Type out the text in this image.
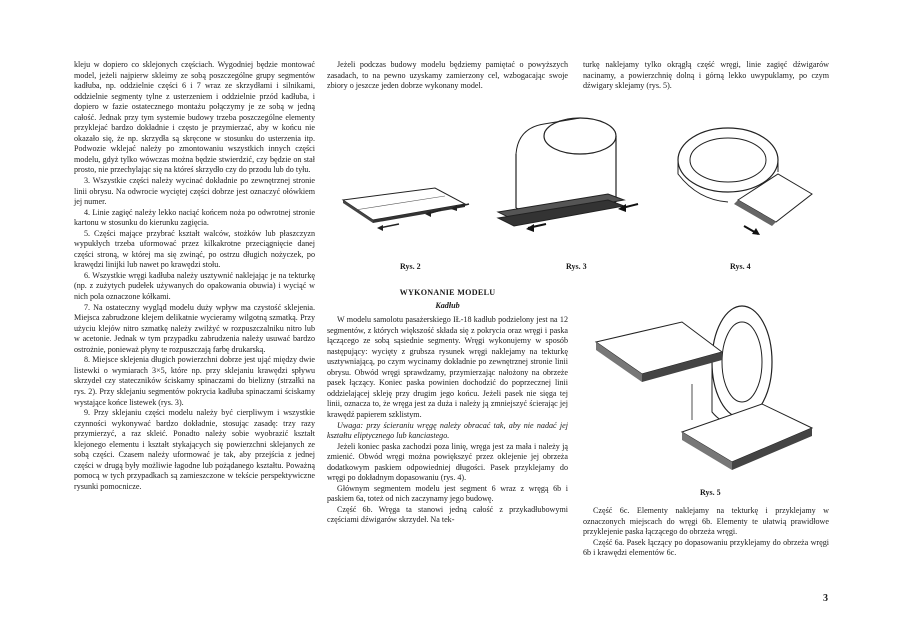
kleju w dopiero co sklejonych częściach. Wygodniej będzie montować model, jeżeli najpierw skleimy ze sobą poszczególne grupy segmentów kadłuba, np. oddzielnie części 6 i 7 wraz ze skrzydłami i silnikami, oddzielnie segmenty tylne z usterzeniem i oddzielnie przód kadłuba, i dopiero w fazie ostatecznego montażu połączymy je ze sobą w jedną całość. Jednak przy tym systemie budowy trzeba poszczególne elementy przyklejać bardzo dokładnie i często je przymierzać, aby w końcu nie okazało się, że np. skrzydła są skręcone w stosunku do usterzenia itp. Podwozie wklejać należy po zmontowaniu wszystkich innych części modelu, gdyż tylko wówczas można będzie stwierdzić, czy będzie on stał prosto, nie przechylając się na któreś skrzydło czy do przodu lub do tyłu.

3. Wszystkie części należy wycinać dokładnie po zewnętrznej stronie linii obrysu. Na odwrocie wyciętej części dobrze jest oznaczyć ołówkiem jej numer.

4. Linie zagięć należy lekko naciąć końcem noża po odwrotnej stronie kartonu w stosunku do kierunku zagięcia.

5. Części mające przybrać kształt walców, stożków lub płaszczyzn wypukłych trzeba uformować przez kilkakrotne przeciągnięcie danej części stroną, w której ma się zwinąć, po ostrzu długich nożyczek, po krawędzi linijki lub nawet po krawędzi stołu.

6. Wszystkie wręgi kadłuba należy usztywnić naklejając je na tekturkę (np. z zużytych pudełek używanych do opakowania obuwia) i wyciąć w nich pola oznaczone kółkami.

7. Na ostateczny wygląd modelu duży wpływ ma czystość sklejenia. Miejsca zabrudzone klejem delikatnie wycieramy wilgotną szmatką. Przy użyciu klejów nitro szmatkę należy zwilżyć w rozpuszczalniku nitro lub w acetonie. Jednak w tym przypadku zabrudzenia należy usuwać bardzo ostrożnie, ponieważ płyny te rozpuszczają farbę drukarską.

8. Miejsce sklejenia długich powierzchni dobrze jest ująć między dwie listewki o wymiarach 3×5, które np. przy sklejaniu krawędzi spływu skrzydeł czy stateczników ściskamy spinaczami do bielizny (strzałki na rys. 2). Przy sklejaniu segmentów pokrycia kadłuba spinaczami ściskamy wystające końce listewek (rys. 3).

9. Przy sklejaniu części modelu należy być cierpliwym i wszystkie czynności wykonywać bardzo dokładnie, stosując zasadę: trzy razy przymierzyć, a raz skleić. Ponadto należy sobie wyobrazić kształt klejonego elementu i kształt stykających się powierzchni sklejanych ze sobą części. Czasem należy uformować je tak, aby przejścia z jednej części w drugą były możliwie łagodne lub pożądanego kształtu. Poważną pomocą w tych przypadkach są zamieszczone w tekście perspektywiczne rysunki pomocnicze.

Jeżeli podczas budowy modelu będziemy pamiętać o powyższych zasadach, to na pewno uzyskamy zamierzony cel, wzbogacając swoje zbiory o jeszcze jeden dobrze wykonany model.

turkę naklejamy tylko okrągłą część wręgi, linie zagięć dźwigarów nacinamy, a powierzchnię dolną i górną lekko uwypuklamy, po czym dźwigary sklejamy (rys. 5).

Rys. 2	Rys. 3	Rys. 4

WYKONANIE MODELU

Kadłub

W modelu samolotu pasażerskiego IŁ-18 kadłub podzielony jest na 12 segmentów, z których większość składa się z pokrycia oraz wręgi i paska łączącego ze sobą sąsiednie segmenty. Wręgi wykonujemy w sposób następujący: wycięty z grubsza rysunek wręgi naklejamy na tekturkę usztywniającą, po czym wycinamy dokładnie po zewnętrznej stronie linii obrysu. Obwód wręgi sprawdzamy, przymierzając nałożony na obrzeże pasek łączący. Koniec paska powinien dochodzić do poprzecznej linii oddzielającej skleję przy drugim jego końcu. Jeżeli pasek nie sięga tej linii, oznacza to, że wręga jest za duża i należy ją zmniejszyć ścierając jej krawędź papierem szklistym.

Uwaga: przy ścieraniu wręgę należy obracać tak, aby nie nadać jej kształtu eliptycznego lub kanciastego.

Jeżeli koniec paska zachodzi poza linię, wręga jest za mała i należy ją zmienić. Obwód wręgi można powiększyć przez oklejenie jej obrzeża dodatkowym paskiem odpowiedniej długości. Pasek przyklejamy do wręgi po dokładnym dopasowaniu (rys. 4).

Głównym segmentem modelu jest segment 6 wraz z wręgą 6b i paskiem 6a, toteż od nich zaczynamy jego budowę.

Część 6b. Wręga ta stanowi jedną całość z przykadłubowymi częściami dźwigarów skrzydeł. Na tek-

Rys. 5

Część 6c. Elementy naklejamy na tekturkę i przyklejamy w oznaczonych miejscach do wręgi 6b. Elementy te ułatwią prawidłowe przyklejenie paska łączącego do obrzeża wręgi.

Część 6a. Pasek łączący po dopasowaniu przyklejamy do obrzeża wręgi 6b i krawędzi elementów 6c.

3
